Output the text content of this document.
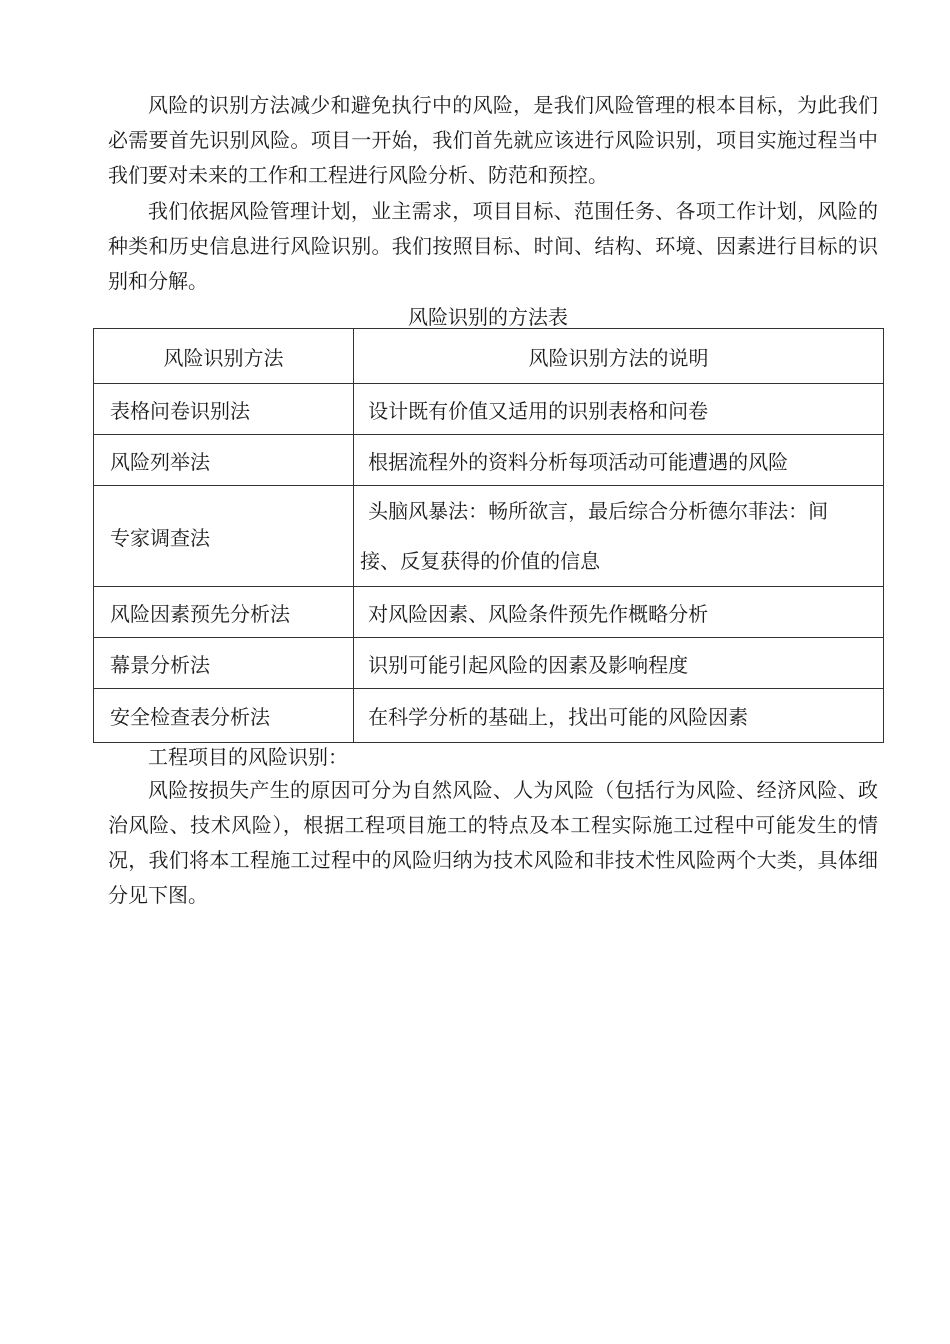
风险的识别方法减少和避免执行中的风险，是我们风险管理的根本目标，为此我们必需要首先识别风险。项目一开始，我们首先就应该进行风险识别，项目实施过程当中我们要对未来的工作和工程进行风险分析、防范和预控。

我们依据风险管理计划，业主需求，项目目标、范围任务、各项工作计划，风险的种类和历史信息进行风险识别。我们按照目标、时间、结构、环境、因素进行目标的识别和分解。

风险识别的方法表

风险识别方法	风险识别方法的说明
表格问卷识别法	设计既有价值又适用的识别表格和问卷
风险列举法	根据流程外的资料分析每项活动可能遭遇的风险
专家调查法	头脑风暴法：畅所欲言，最后综合分析德尔菲法：间
接、反复获得的价值的信息
风险因素预先分析法	对风险因素、风险条件预先作概略分析
幕景分析法	识别可能引起风险的因素及影响程度
安全检查表分析法	在科学分析的基础上，找出可能的风险因素

工程项目的风险识别：

风险按损失产生的原因可分为自然风险、人为风险（包括行为风险、经济风险、政治风险、技术风险），根据工程项目施工的特点及本工程实际施工过程中可能发生的情况，我们将本工程施工过程中的风险归纳为技术风险和非技术性风险两个大类，具体细分见下图。
